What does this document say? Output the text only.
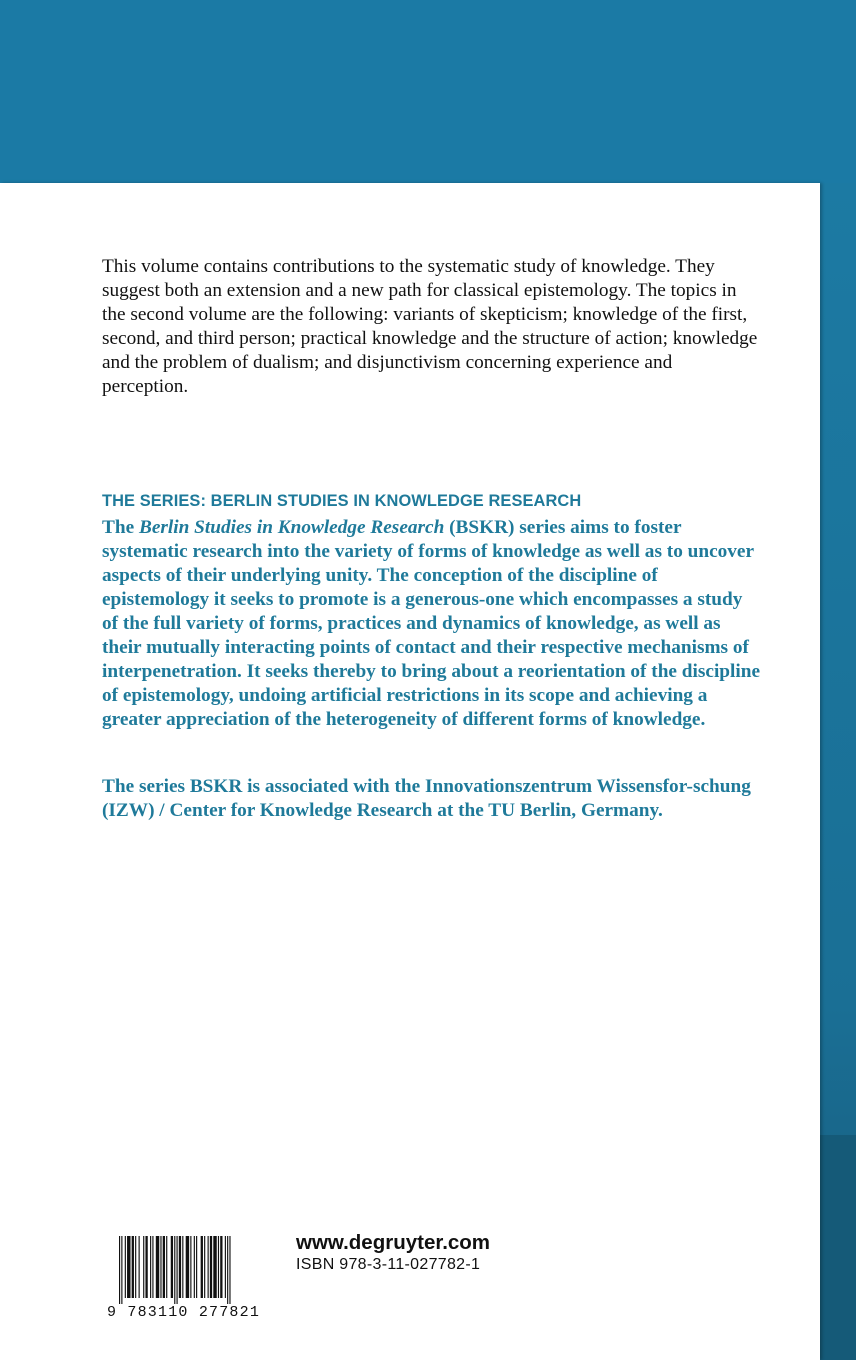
This volume contains contributions to the systematic study of knowledge. They suggest both an extension and a new path for classical epistemology. The topics in the second volume are the following: variants of skepticism; knowledge of the first, second, and third person; practical knowledge and the structure of action; knowledge and the problem of dualism; and disjunctivism concerning experience and perception.

THE SERIES: BERLIN STUDIES IN KNOWLEDGE RESEARCH

The Berlin Studies in Knowledge Research (BSKR) series aims to foster systematic research into the variety of forms of knowledge as well as to uncover aspects of their underlying unity. The conception of the discipline of epistemology it seeks to promote is a generous-one which encompasses a study of the full variety of forms, practices and dynamics of knowledge, as well as their mutually interacting points of contact and their respective mechanisms of interpenetration. It seeks thereby to bring about a reorientation of the discipline of epistemology, undoing artificial restrictions in its scope and achieving a greater appreciation of the heterogeneity of different forms of knowledge.

The series BSKR is associated with the Innovationszentrum Wissensfor-schung (IZW) / Center for Knowledge Research at the TU Berlin, Germany.

9 783110 277821
www.degruyter.com
ISBN 978-3-11-027782-1
